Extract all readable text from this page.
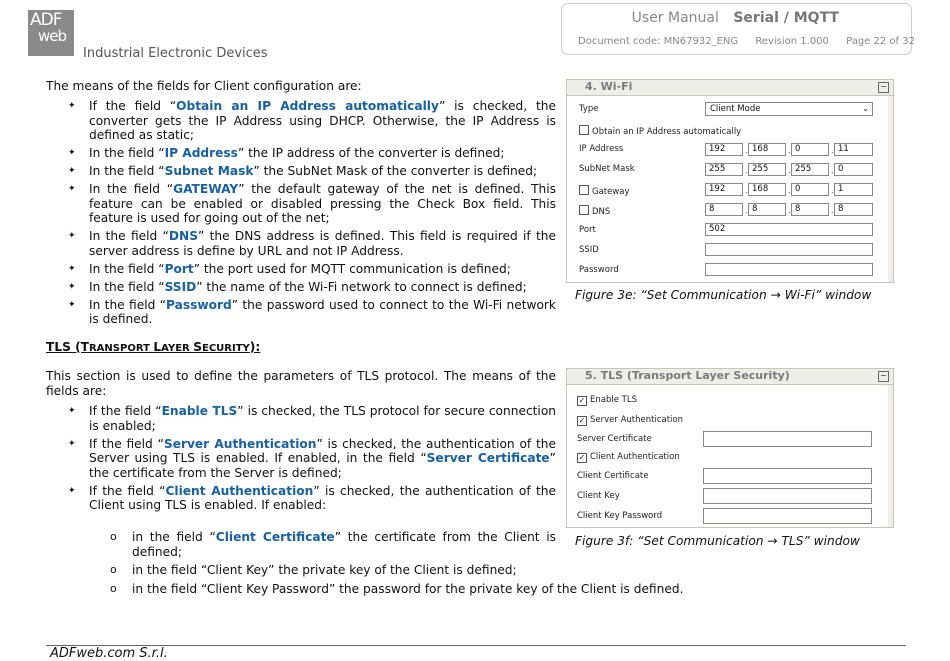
ADF
web
Industrial Electronic Devices
User Manual Serial / MQTT
Document code: MN67932_ENG Revision 1.000 Page 22 of 32
The means of the fields for Client configuration are:
✦ If the field “Obtain an IP Address automatically” is checked, the converter gets the IP Address using DHCP. Otherwise, the IP Address is defined as static;
✦ In the field “IP Address” the IP address of the converter is defined;
✦ In the field “Subnet Mask” the SubNet Mask of the converter is defined;
✦ In the field “GATEWAY” the default gateway of the net is defined. This feature can be enabled or disabled pressing the Check Box field. This feature is used for going out of the net;
✦ In the field “DNS” the DNS address is defined. This field is required if the server address is define by URL and not IP Address.
✦ In the field “Port” the port used for MQTT communication is defined;
✦ In the field “SSID” the name of the Wi-Fi network to connect is defined;
✦ In the field “Password” the password used to connect to the Wi-Fi network is defined.
TLS (TRANSPORT LAYER SECURITY):
This section is used to define the parameters of TLS protocol. The means of the fields are:
✦ If the field “Enable TLS” is checked, the TLS protocol for secure connection is enabled;
✦ If the field “Server Authentication” is checked, the authentication of the Server using TLS is enabled. If enabled, in the field “Server Certificate” the certificate from the Server is defined;
✦ If the field “Client Authentication” is checked, the authentication of the Client using TLS is enabled. If enabled:
o in the field “Client Certificate” the certificate from the Client is defined;
o in the field “Client Key” the private key of the Client is defined;
o in the field “Client Key Password” the password for the private key of the Client is defined.
4. Wi-Fi	−
Type	Client Mode	⌄
Obtain an IP Address automatically
IP Address	192	. 168	. 0	. 11
SubNet Mask	255	. 255	. 255	. 0
Gateway	192	. 168	. 0	. 1
DNS	8	. 8	. 8	. 8
Port	502
SSID
Password
Figure 3e: “Set Communication → Wi-Fi” window
5. TLS (Transport Layer Security)	−
✓ Enable TLS
✓ Server Authentication
Server Certificate
✓ Client Authentication
Client Certificate
Client Key
Client Key Password
Figure 3f: “Set Communication → TLS” window
ADFweb.com S.r.l.
